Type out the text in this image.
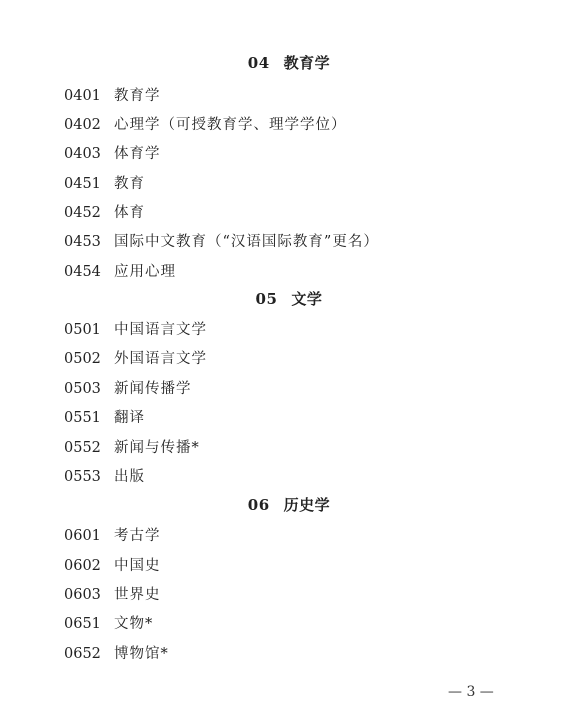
04 教育学
0401 教育学
0402 心理学（可授教育学、理学学位）
0403 体育学
0451 教育
0452 体育
0453 国际中文教育（“汉语国际教育”更名）
0454 应用心理
05 文学
0501 中国语言文学
0502 外国语言文学
0503 新闻传播学
0551 翻译
0552 新闻与传播*
0553 出版
06 历史学
0601 考古学
0602 中国史
0603 世界史
0651 文物*
0652 博物馆*
— 3 —
